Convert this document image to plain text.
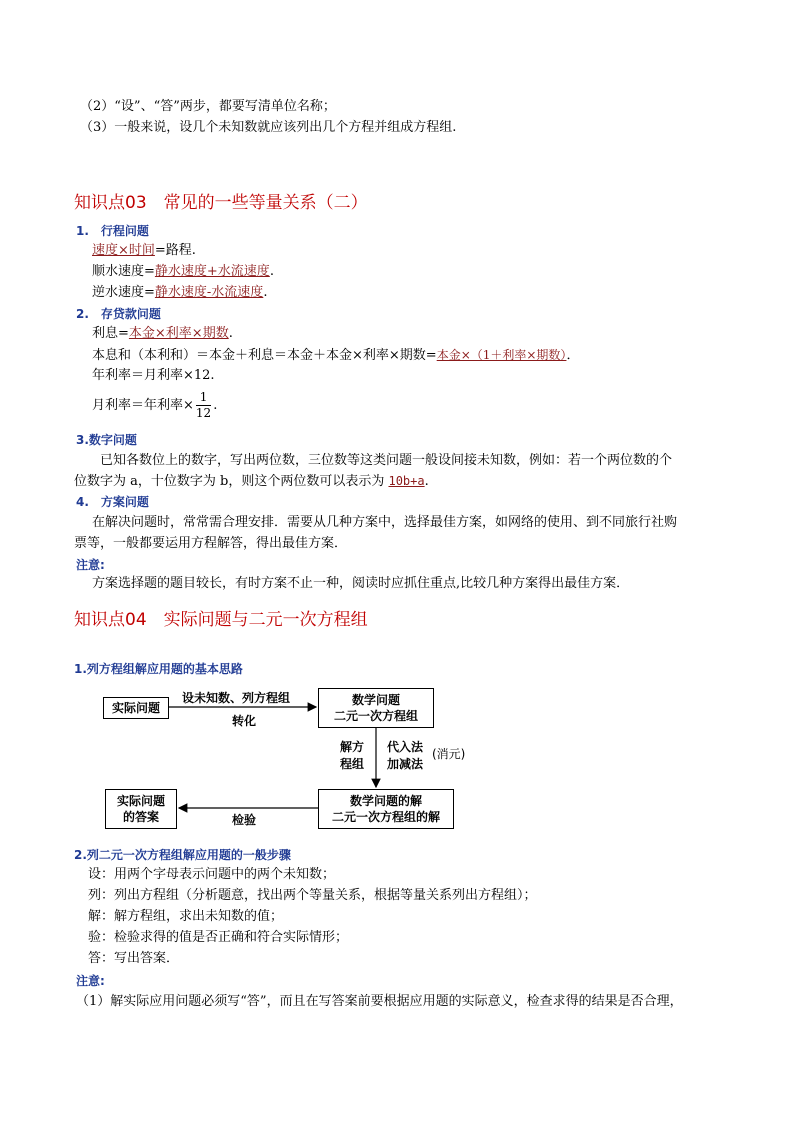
（2）“设”、“答”两步，都要写清单位名称；
（3）一般来说，设几个未知数就应该列出几个方程并组成方程组.
知识点03　常见的一些等量关系（二）
1.　行程问题
速度×时间=路程.
顺水速度=静水速度+水流速度.
逆水速度=静水速度-水流速度.
2.　存贷款问题
利息=本金×利率×期数.
本息和（本利和）＝本金＋利息＝本金＋本金×利率×期数=本金×（1＋利率×期数）．
年利率＝月利率×12.
月利率＝年利率× $\frac{1}{12}$ .
3.数字问题
已知各数位上的数字，写出两位数，三位数等这类问题一般设间接未知数，例如：若一个两位数的个
位数字为 a，十位数字为 b，则这个两位数可以表示为 10b+a.
4.　方案问题
在解决问题时，常常需合理安排．需要从几种方案中，选择最佳方案，如网络的使用、到不同旅行社购
票等，一般都要运用方程解答，得出最佳方案．
注意:
方案选择题的题目较长，有时方案不止一种，阅读时应抓住重点,比较几种方案得出最佳方案．
知识点04　实际问题与二元一次方程组
1.列方程组解应用题的基本思路
实际问题
数学问题
二元一次方程组
实际问题
的答案
数学问题的解
二元一次方程组的解
设未知数、列方程组
转化
解方
程组
代入法
加减法
(消元)
检验
2.列二元一次方程组解应用题的一般步骤
设：用两个字母表示问题中的两个未知数；
列：列出方程组（分析题意，找出两个等量关系，根据等量关系列出方程组）；
解：解方程组，求出未知数的值；
验：检验求得的值是否正确和符合实际情形；
答：写出答案．
注意:
（1）解实际应用问题必须写“答”，而且在写答案前要根据应用题的实际意义，检查求得的结果是否合理，
